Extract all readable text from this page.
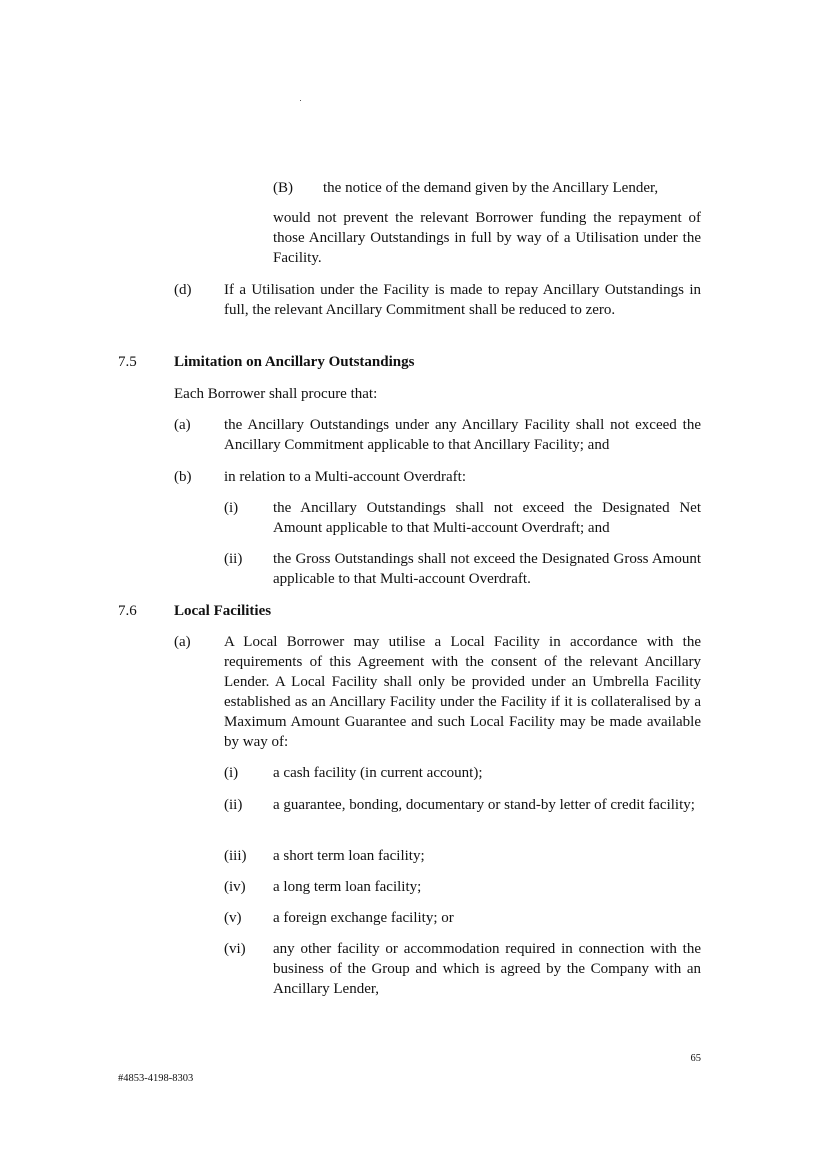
(B) the notice of the demand given by the Ancillary Lender,
would not prevent the relevant Borrower funding the repayment of those Ancillary Outstandings in full by way of a Utilisation under the Facility.
(d) If a Utilisation under the Facility is made to repay Ancillary Outstandings in full, the relevant Ancillary Commitment shall be reduced to zero.
7.5 Limitation on Ancillary Outstandings
Each Borrower shall procure that:
(a) the Ancillary Outstandings under any Ancillary Facility shall not exceed the Ancillary Commitment applicable to that Ancillary Facility; and
(b) in relation to a Multi-account Overdraft:
(i) the Ancillary Outstandings shall not exceed the Designated Net Amount applicable to that Multi-account Overdraft; and
(ii) the Gross Outstandings shall not exceed the Designated Gross Amount applicable to that Multi-account Overdraft.
7.6 Local Facilities
(a) A Local Borrower may utilise a Local Facility in accordance with the requirements of this Agreement with the consent of the relevant Ancillary Lender. A Local Facility shall only be provided under an Umbrella Facility established as an Ancillary Facility under the Facility if it is collateralised by a Maximum Amount Guarantee and such Local Facility may be made available by way of:
(i) a cash facility (in current account);
(ii) a guarantee, bonding, documentary or stand-by letter of credit facility;
(iii) a short term loan facility;
(iv) a long term loan facility;
(v) a foreign exchange facility; or
(vi) any other facility or accommodation required in connection with the business of the Group and which is agreed by the Company with an Ancillary Lender,
65
#4853-4198-8303
